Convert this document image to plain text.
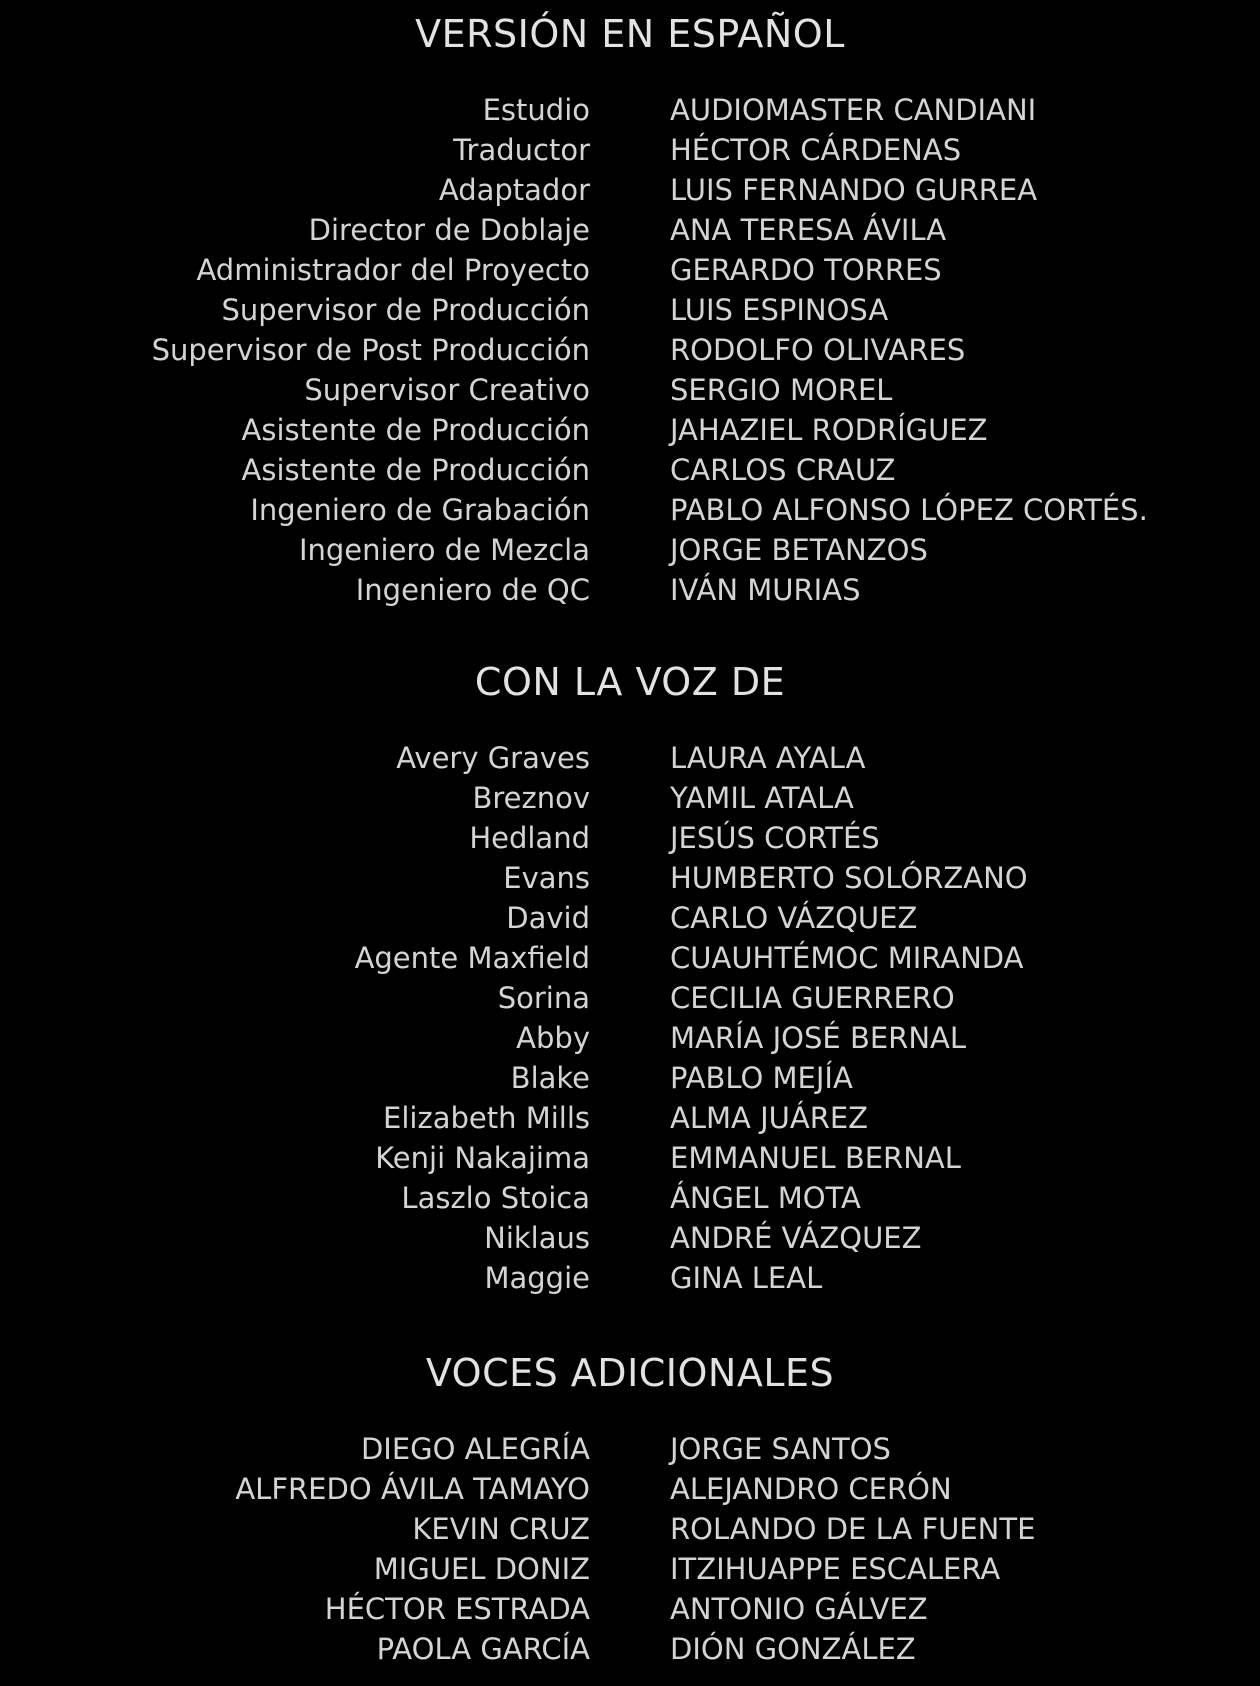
VERSIÓN EN ESPAÑOL
Estudio	AUDIOMASTER CANDIANI
Traductor	HÉCTOR CÁRDENAS
Adaptador	LUIS FERNANDO GURREA
Director de Doblaje	ANA TERESA ÁVILA
Administrador del Proyecto	GERARDO TORRES
Supervisor de Producción	LUIS ESPINOSA
Supervisor de Post Producción	RODOLFO OLIVARES
Supervisor Creativo	SERGIO MOREL
Asistente de Producción	JAHAZIEL RODRÍGUEZ
Asistente de Producción	CARLOS CRAUZ
Ingeniero de Grabación	PABLO ALFONSO LÓPEZ CORTÉS.
Ingeniero de Mezcla	JORGE BETANZOS
Ingeniero de QC	IVÁN MURIAS
CON LA VOZ DE
Avery Graves	LAURA AYALA
Breznov	YAMIL ATALA
Hedland	JESÚS CORTÉS
Evans	HUMBERTO SOLÓRZANO
David	CARLO VÁZQUEZ
Agente Maxfield	CUAUHTÉMOC MIRANDA
Sorina	CECILIA GUERRERO
Abby	MARÍA JOSÉ BERNAL
Blake	PABLO MEJÍA
Elizabeth Mills	ALMA JUÁREZ
Kenji Nakajima	EMMANUEL BERNAL
Laszlo Stoica	ÁNGEL MOTA
Niklaus	ANDRÉ VÁZQUEZ
Maggie	GINA LEAL
VOCES ADICIONALES
DIEGO ALEGRÍA	JORGE SANTOS
ALFREDO ÁVILA TAMAYO	ALEJANDRO CERÓN
KEVIN CRUZ	ROLANDO DE LA FUENTE
MIGUEL DONIZ	ITZIHUAPPE ESCALERA
HÉCTOR ESTRADA	ANTONIO GÁLVEZ
PAOLA GARCÍA	DIÓN GONZÁLEZ
